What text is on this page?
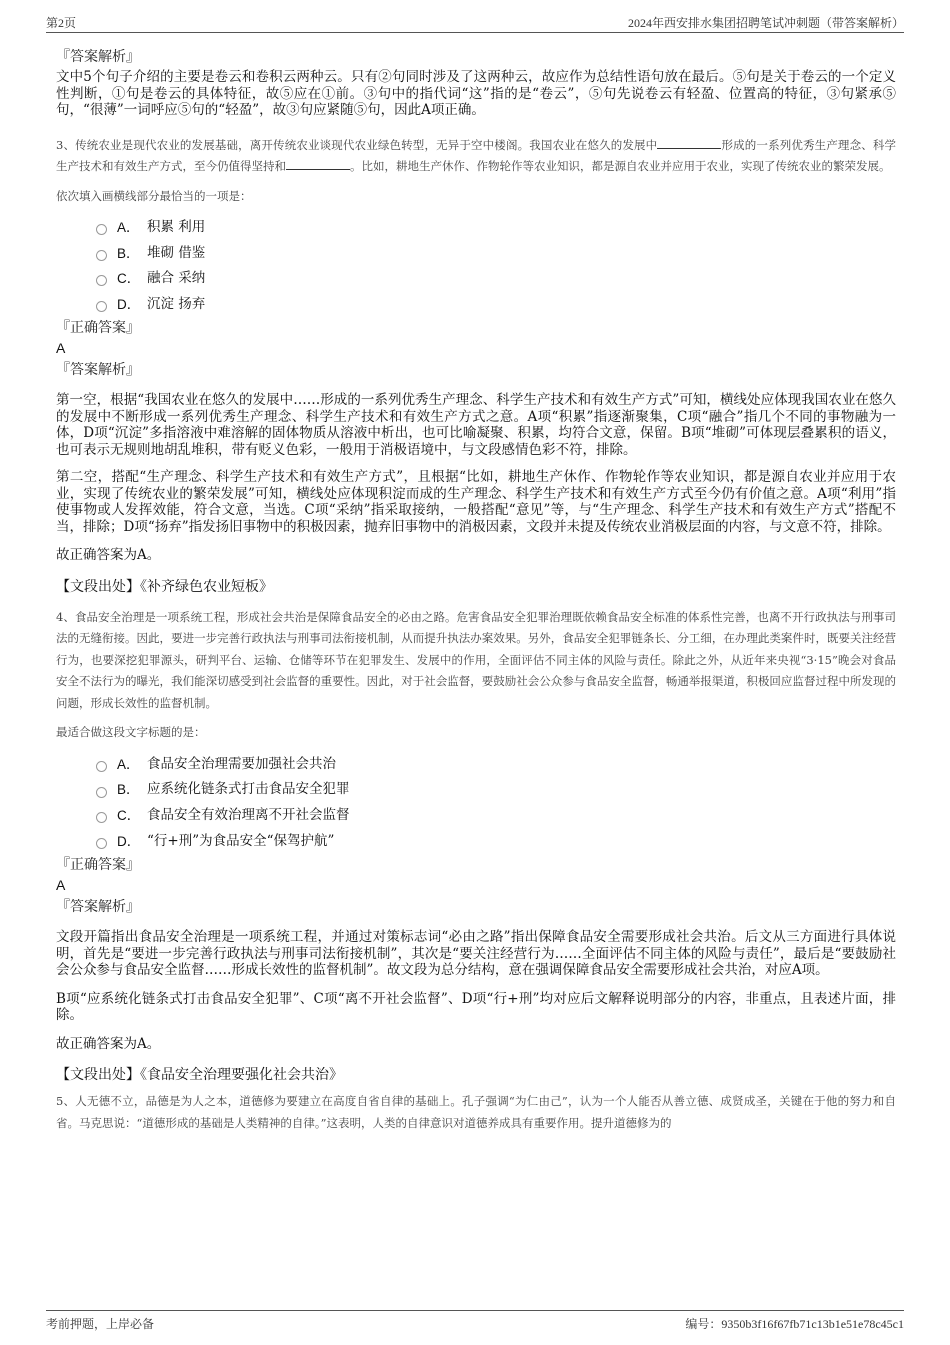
第2页	2024年西安排水集团招聘笔试冲刺题（带答案解析）
『答案解析』

文中5个句子介绍的主要是卷云和卷积云两种云。只有②句同时涉及了这两种云，故应作为总结性语句放在最后。⑤句是关于卷云的一个定义性判断，①句是卷云的具体特征，故⑤应在①前。③句中的指代词“这”指的是“卷云”，⑤句先说卷云有轻盈、位置高的特征，③句紧承⑤句，“很薄”一词呼应⑤句的“轻盈”，故③句应紧随⑤句，因此A项正确。

3、传统农业是现代农业的发展基础，离开传统农业谈现代农业绿色转型，无异于空中楼阁。我国农业在悠久的发展中	形成的一系列优秀生产理念、科学生产技术和有效生产方式，至今仍值得坚持和	。比如，耕地生产休作、作物轮作等农业知识，都是源自农业并应用于农业，实现了传统农业的繁荣发展。

依次填入画横线部分最恰当的一项是：

A． 积累 利用
B． 堆砌 借鉴
C． 融合 采纳
D． 沉淀 扬弃
『正确答案』
A
『答案解析』

第一空，根据“我国农业在悠久的发展中……形成的一系列优秀生产理念、科学生产技术和有效生产方式”可知，横线处应体现我国农业在悠久的发展中不断形成一系列优秀生产理念、科学生产技术和有效生产方式之意。A项“积累”指逐渐聚集，C项“融合”指几个不同的事物融为一体，D项“沉淀”多指溶液中难溶解的固体物质从溶液中析出，也可比喻凝聚、积累，均符合文意，保留。B项“堆砌”可体现层叠累积的语义，也可表示无规则地胡乱堆积，带有贬义色彩，一般用于消极语境中，与文段感情色彩不符，排除。

第二空，搭配“生产理念、科学生产技术和有效生产方式”，且根据“比如，耕地生产休作、作物轮作等农业知识，都是源自农业并应用于农业，实现了传统农业的繁荣发展”可知，横线处应体现积淀而成的生产理念、科学生产技术和有效生产方式至今仍有价值之意。A项“利用”指使事物或人发挥效能，符合文意，当选。C项“采纳”指采取接纳，一般搭配“意见”等，与“生产理念、科学生产技术和有效生产方式”搭配不当，排除；D项“扬弃”指发扬旧事物中的积极因素，抛弃旧事物中的消极因素，文段并未提及传统农业消极层面的内容，与文意不符，排除。

故正确答案为A。

【文段出处】《补齐绿色农业短板》

4、食品安全治理是一项系统工程，形成社会共治是保障食品安全的必由之路。危害食品安全犯罪治理既依赖食品安全标准的体系性完善，也离不开行政执法与刑事司法的无缝衔接。因此，要进一步完善行政执法与刑事司法衔接机制，从而提升执法办案效果。另外，食品安全犯罪链条长、分工细，在办理此类案件时，既要关注经营行为，也要深挖犯罪源头，研判平台、运输、仓储等环节在犯罪发生、发展中的作用，全面评估不同主体的风险与责任。除此之外，从近年来央视“3·15”晚会对食品安全不法行为的曝光，我们能深切感受到社会监督的重要性。因此，对于社会监督，要鼓励社会公众参与食品安全监督，畅通举报渠道，积极回应监督过程中所发现的问题，形成长效性的监督机制。

最适合做这段文字标题的是：

A． 食品安全治理需要加强社会共治
B． 应系统化链条式打击食品安全犯罪
C． 食品安全有效治理离不开社会监督
D． “行+刑”为食品安全“保驾护航”
『正确答案』
A
『答案解析』

文段开篇指出食品安全治理是一项系统工程，并通过对策标志词“必由之路”指出保障食品安全需要形成社会共治。后文从三方面进行具体说明，首先是“要进一步完善行政执法与刑事司法衔接机制”，其次是“要关注经营行为……全面评估不同主体的风险与责任”，最后是“要鼓励社会公众参与食品安全监督……形成长效性的监督机制”。故文段为总分结构，意在强调保障食品安全需要形成社会共治，对应A项。

B项“应系统化链条式打击食品安全犯罪”、C项“离不开社会监督”、D项“行+刑”均对应后文解释说明部分的内容，非重点，且表述片面，排除。

故正确答案为A。

【文段出处】《食品安全治理要强化社会共治》

5、人无德不立，品德是为人之本，道德修为要建立在高度自省自律的基础上。孔子强调“为仁由己”，认为一个人能否从善立德、成贤成圣，关键在于他的努力和自省。马克思说：“道德形成的基础是人类精神的自律。”这表明，人类的自律意识对道德养成具有重要作用。提升道德修为的

考前押题，上岸必备	编号：9350b3f16f67fb71c13b1e51e78c45c1
